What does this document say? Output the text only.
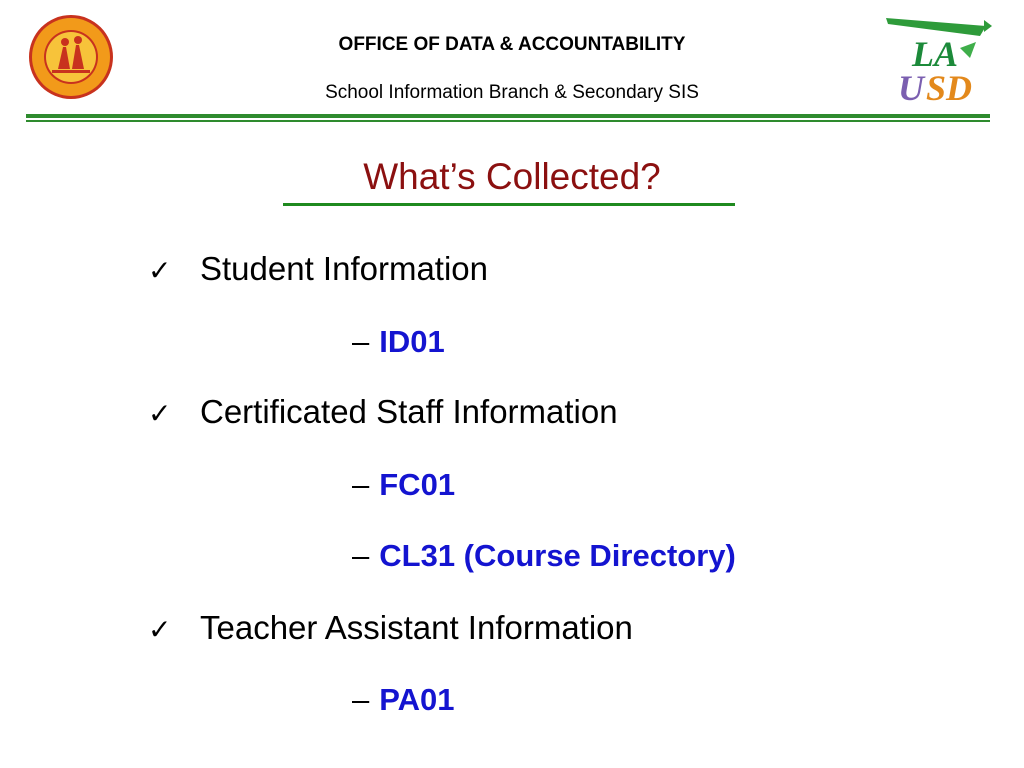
OFFICE OF DATA & ACCOUNTABILITY
School Information Branch & Secondary SIS
LA
U SD
What’s Collected?
✓ Student Information
– ID01
✓ Certificated Staff Information
– FC01
– CL31 (Course Directory)
✓ Teacher Assistant Information
– PA01
